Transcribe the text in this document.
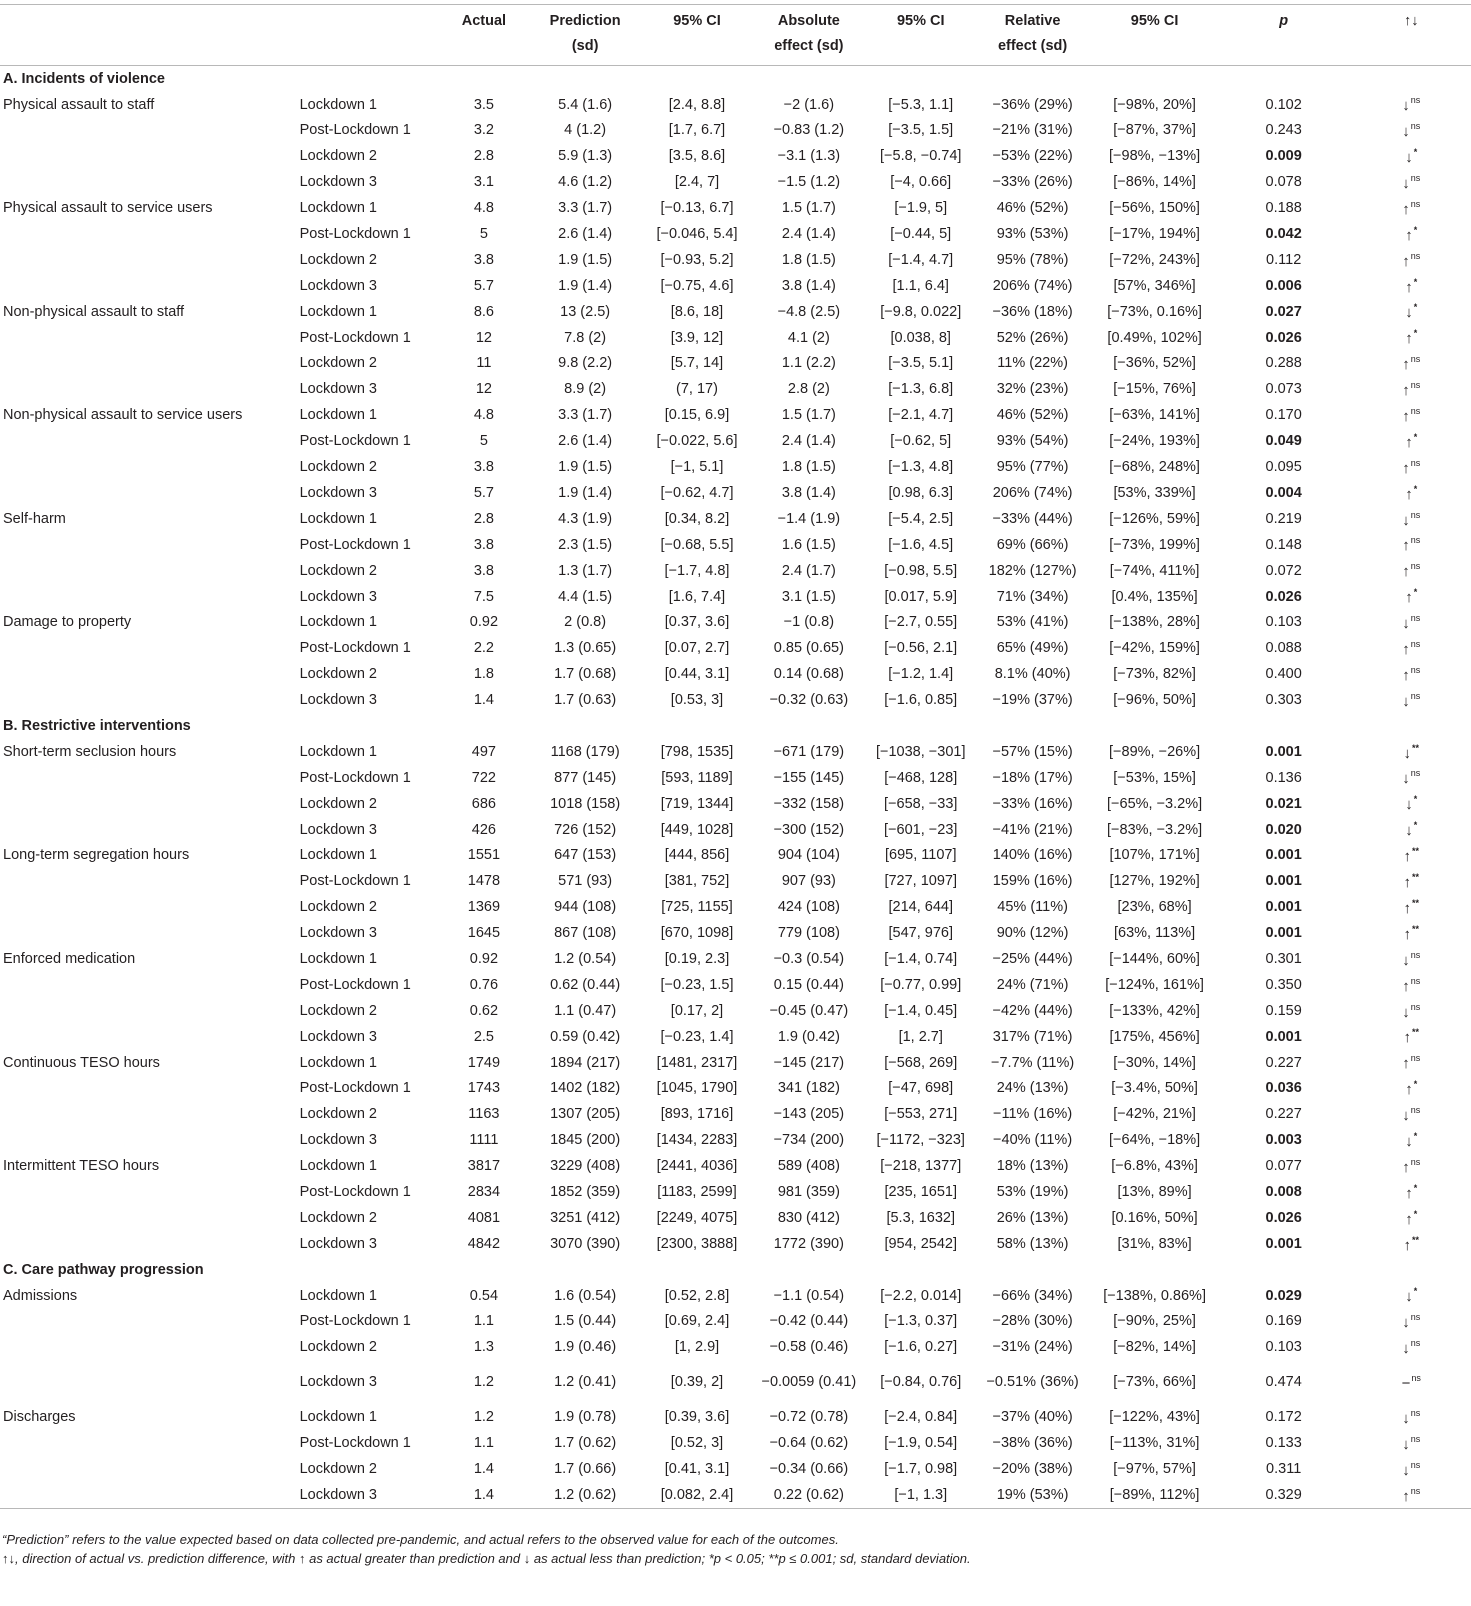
		Actual	Prediction	95% CI	Absolute	95% CI	Relative	95% CI	p	↑↓
			(sd)		effect (sd)		effect (sd)			
A. Incidents of violence										
Physical assault to staff	Lockdown 1	3.5	5.4 (1.6)	[2.4, 8.8]	−2 (1.6)	[−5.3, 1.1]	−36% (29%)	[−98%, 20%]	0.102	↓$^{ns}$
	Post-Lockdown 1	3.2	4 (1.2)	[1.7, 6.7]	−0.83 (1.2)	[−3.5, 1.5]	−21% (31%)	[−87%, 37%]	0.243	↓$^{ns}$
	Lockdown 2	2.8	5.9 (1.3)	[3.5, 8.6]	−3.1 (1.3)	[−5.8, −0.74]	−53% (22%)	[−98%, −13%]	0.009	↓*
	Lockdown 3	3.1	4.6 (1.2)	[2.4, 7]	−1.5 (1.2)	[−4, 0.66]	−33% (26%)	[−86%, 14%]	0.078	↓$^{ns}$
Physical assault to service users	Lockdown 1	4.8	3.3 (1.7)	[−0.13, 6.7]	1.5 (1.7)	[−1.9, 5]	46% (52%)	[−56%, 150%]	0.188	↑$^{ns}$
	Post-Lockdown 1	5	2.6 (1.4)	[−0.046, 5.4]	2.4 (1.4)	[−0.44, 5]	93% (53%)	[−17%, 194%]	0.042	↑*
	Lockdown 2	3.8	1.9 (1.5)	[−0.93, 5.2]	1.8 (1.5)	[−1.4, 4.7]	95% (78%)	[−72%, 243%]	0.112	↑$^{ns}$
	Lockdown 3	5.7	1.9 (1.4)	[−0.75, 4.6]	3.8 (1.4)	[1.1, 6.4]	206% (74%)	[57%, 346%]	0.006	↑*
Non-physical assault to staff	Lockdown 1	8.6	13 (2.5)	[8.6, 18]	−4.8 (2.5)	[−9.8, 0.022]	−36% (18%)	[−73%, 0.16%]	0.027	↓*
	Post-Lockdown 1	12	7.8 (2)	[3.9, 12]	4.1 (2)	[0.038, 8]	52% (26%)	[0.49%, 102%]	0.026	↑*
	Lockdown 2	11	9.8 (2.2)	[5.7, 14]	1.1 (2.2)	[−3.5, 5.1]	11% (22%)	[−36%, 52%]	0.288	↑$^{ns}$
	Lockdown 3	12	8.9 (2)	(7, 17)	2.8 (2)	[−1.3, 6.8]	32% (23%)	[−15%, 76%]	0.073	↑$^{ns}$
Non-physical assault to service users	Lockdown 1	4.8	3.3 (1.7)	[0.15, 6.9]	1.5 (1.7)	[−2.1, 4.7]	46% (52%)	[−63%, 141%]	0.170	↑$^{ns}$
	Post-Lockdown 1	5	2.6 (1.4)	[−0.022, 5.6]	2.4 (1.4)	[−0.62, 5]	93% (54%)	[−24%, 193%]	0.049	↑*
	Lockdown 2	3.8	1.9 (1.5)	[−1, 5.1]	1.8 (1.5)	[−1.3, 4.8]	95% (77%)	[−68%, 248%]	0.095	↑$^{ns}$
	Lockdown 3	5.7	1.9 (1.4)	[−0.62, 4.7]	3.8 (1.4)	[0.98, 6.3]	206% (74%)	[53%, 339%]	0.004	↑*
Self-harm	Lockdown 1	2.8	4.3 (1.9)	[0.34, 8.2]	−1.4 (1.9)	[−5.4, 2.5]	−33% (44%)	[−126%, 59%]	0.219	↓$^{ns}$
	Post-Lockdown 1	3.8	2.3 (1.5)	[−0.68, 5.5]	1.6 (1.5)	[−1.6, 4.5]	69% (66%)	[−73%, 199%]	0.148	↑$^{ns}$
	Lockdown 2	3.8	1.3 (1.7)	[−1.7, 4.8]	2.4 (1.7)	[−0.98, 5.5]	182% (127%)	[−74%, 411%]	0.072	↑$^{ns}$
	Lockdown 3	7.5	4.4 (1.5)	[1.6, 7.4]	3.1 (1.5)	[0.017, 5.9]	71% (34%)	[0.4%, 135%]	0.026	↑*
Damage to property	Lockdown 1	0.92	2 (0.8)	[0.37, 3.6]	−1 (0.8)	[−2.7, 0.55]	53% (41%)	[−138%, 28%]	0.103	↓$^{ns}$
	Post-Lockdown 1	2.2	1.3 (0.65)	[0.07, 2.7]	0.85 (0.65)	[−0.56, 2.1]	65% (49%)	[−42%, 159%]	0.088	↑$^{ns}$
	Lockdown 2	1.8	1.7 (0.68)	[0.44, 3.1]	0.14 (0.68)	[−1.2, 1.4]	8.1% (40%)	[−73%, 82%]	0.400	↑$^{ns}$
	Lockdown 3	1.4	1.7 (0.63)	[0.53, 3]	−0.32 (0.63)	[−1.6, 0.85]	−19% (37%)	[−96%, 50%]	0.303	↓$^{ns}$
B. Restrictive interventions										
Short-term seclusion hours	Lockdown 1	497	1168 (179)	[798, 1535]	−671 (179)	[−1038, −301]	−57% (15%)	[−89%, −26%]	0.001	↓**
	Post-Lockdown 1	722	877 (145)	[593, 1189]	−155 (145)	[−468, 128]	−18% (17%)	[−53%, 15%]	0.136	↓$^{ns}$
	Lockdown 2	686	1018 (158)	[719, 1344]	−332 (158)	[−658, −33]	−33% (16%)	[−65%, −3.2%]	0.021	↓*
	Lockdown 3	426	726 (152)	[449, 1028]	−300 (152)	[−601, −23]	−41% (21%)	[−83%, −3.2%]	0.020	↓*
Long-term segregation hours	Lockdown 1	1551	647 (153)	[444, 856]	904 (104)	[695, 1107]	140% (16%)	[107%, 171%]	0.001	↑**
	Post-Lockdown 1	1478	571 (93)	[381, 752]	907 (93)	[727, 1097]	159% (16%)	[127%, 192%]	0.001	↑**
	Lockdown 2	1369	944 (108)	[725, 1155]	424 (108)	[214, 644]	45% (11%)	[23%, 68%]	0.001	↑**
	Lockdown 3	1645	867 (108)	[670, 1098]	779 (108)	[547, 976]	90% (12%)	[63%, 113%]	0.001	↑**
Enforced medication	Lockdown 1	0.92	1.2 (0.54)	[0.19, 2.3]	−0.3 (0.54)	[−1.4, 0.74]	−25% (44%)	[−144%, 60%]	0.301	↓$^{ns}$
	Post-Lockdown 1	0.76	0.62 (0.44)	[−0.23, 1.5]	0.15 (0.44)	[−0.77, 0.99]	24% (71%)	[−124%, 161%]	0.350	↑$^{ns}$
	Lockdown 2	0.62	1.1 (0.47)	[0.17, 2]	−0.45 (0.47)	[−1.4, 0.45]	−42% (44%)	[−133%, 42%]	0.159	↓$^{ns}$
	Lockdown 3	2.5	0.59 (0.42)	[−0.23, 1.4]	1.9 (0.42)	[1, 2.7]	317% (71%)	[175%, 456%]	0.001	↑**
Continuous TESO hours	Lockdown 1	1749	1894 (217)	[1481, 2317]	−145 (217)	[−568, 269]	−7.7% (11%)	[−30%, 14%]	0.227	↑$^{ns}$
	Post-Lockdown 1	1743	1402 (182)	[1045, 1790]	341 (182)	[−47, 698]	24% (13%)	[−3.4%, 50%]	0.036	↑*
	Lockdown 2	1163	1307 (205)	[893, 1716]	−143 (205)	[−553, 271]	−11% (16%)	[−42%, 21%]	0.227	↓$^{ns}$
	Lockdown 3	1111	1845 (200)	[1434, 2283]	−734 (200)	[−1172, −323]	−40% (11%)	[−64%, −18%]	0.003	↓*
Intermittent TESO hours	Lockdown 1	3817	3229 (408)	[2441, 4036]	589 (408)	[−218, 1377]	18% (13%)	[−6.8%, 43%]	0.077	↑$^{ns}$
	Post-Lockdown 1	2834	1852 (359)	[1183, 2599]	981 (359)	[235, 1651]	53% (19%)	[13%, 89%]	0.008	↑*
	Lockdown 2	4081	3251 (412)	[2249, 4075]	830 (412)	[5.3, 1632]	26% (13%)	[0.16%, 50%]	0.026	↑*
	Lockdown 3	4842	3070 (390)	[2300, 3888]	1772 (390)	[954, 2542]	58% (13%)	[31%, 83%]	0.001	↑**
C. Care pathway progression										
Admissions	Lockdown 1	0.54	1.6 (0.54)	[0.52, 2.8]	−1.1 (0.54)	[−2.2, 0.014]	−66% (34%)	[−138%, 0.86%]	0.029	↓*
	Post-Lockdown 1	1.1	1.5 (0.44)	[0.69, 2.4]	−0.42 (0.44)	[−1.3, 0.37]	−28% (30%)	[−90%, 25%]	0.169	↓$^{ns}$
	Lockdown 2	1.3	1.9 (0.46)	[1, 2.9]	−0.58 (0.46)	[−1.6, 0.27]	−31% (24%)	[−82%, 14%]	0.103	↓$^{ns}$
	Lockdown 3	1.2	1.2 (0.41)	[0.39, 2]	−0.0059 (0.41)	[−0.84, 0.76]	−0.51% (36%)	[−73%, 66%]	0.474	−$^{ns}$
Discharges	Lockdown 1	1.2	1.9 (0.78)	[0.39, 3.6]	−0.72 (0.78)	[−2.4, 0.84]	−37% (40%)	[−122%, 43%]	0.172	↓$^{ns}$
	Post-Lockdown 1	1.1	1.7 (0.62)	[0.52, 3]	−0.64 (0.62)	[−1.9, 0.54]	−38% (36%)	[−113%, 31%]	0.133	↓$^{ns}$
	Lockdown 2	1.4	1.7 (0.66)	[0.41, 3.1]	−0.34 (0.66)	[−1.7, 0.98]	−20% (38%)	[−97%, 57%]	0.311	↓$^{ns}$
	Lockdown 3	1.4	1.2 (0.62)	[0.082, 2.4]	0.22 (0.62)	[−1, 1.3]	19% (53%)	[−89%, 112%]	0.329	↑$^{ns}$
“Prediction” refers to the value expected based on data collected pre-pandemic, and actual refers to the observed value for each of the outcomes.
↑↓, direction of actual vs. prediction difference, with ↑ as actual greater than prediction and ↓ as actual less than prediction; *p < 0.05; **p ≤ 0.001; sd, standard deviation.
